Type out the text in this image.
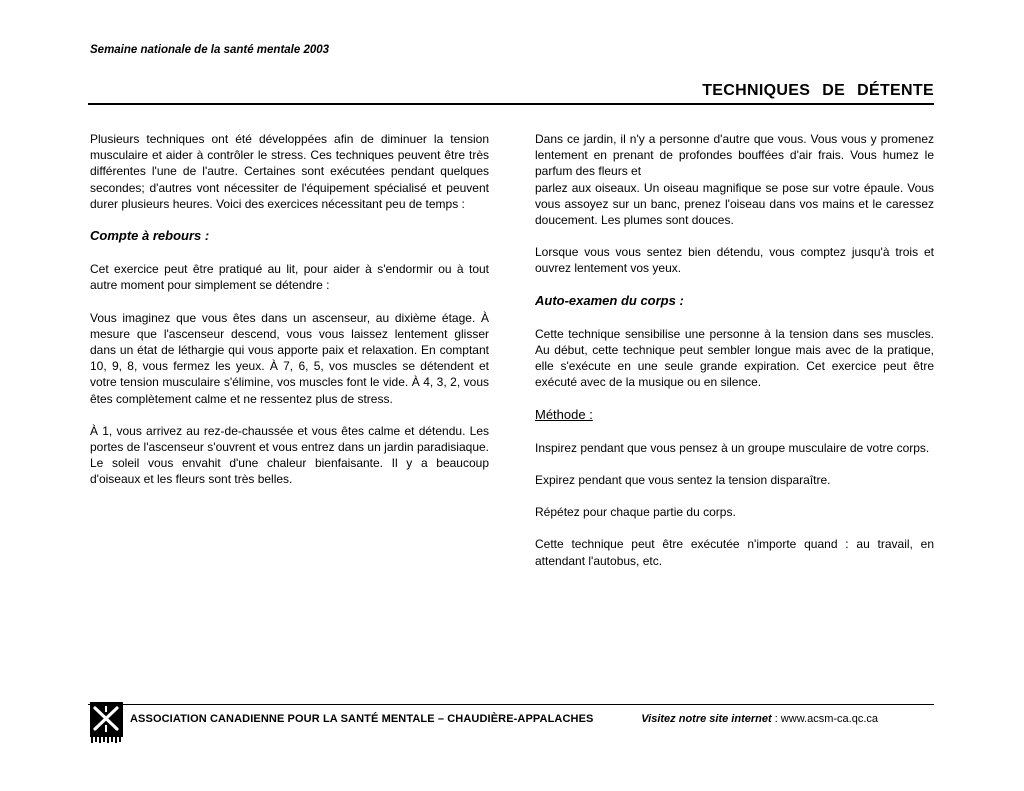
Semaine nationale de la santé mentale 2003
TECHNIQUES DE DÉTENTE

Plusieurs techniques ont été développées afin de diminuer la tension musculaire et aider à contrôler le stress. Ces techniques peuvent être très différentes l'une de l'autre. Certaines sont exécutées pendant quelques secondes; d'autres vont nécessiter de l'équipement spécialisé et peuvent durer plusieurs heures. Voici des exercices nécessitant peu de temps :

Compte à rebours :

Cet exercice peut être pratiqué au lit, pour aider à s'endormir ou à tout autre moment pour simplement se détendre :

Vous imaginez que vous êtes dans un ascenseur, au dixième étage. À mesure que l'ascenseur descend, vous vous laissez lentement glisser dans un état de léthargie qui vous apporte paix et relaxation. En comptant 10, 9, 8, vous fermez les yeux. À 7, 6, 5, vos muscles se détendent et votre tension musculaire s'élimine, vos muscles font le vide. À 4, 3, 2, vous êtes complètement calme et ne ressentez plus de stress.

À 1, vous arrivez au rez-de-chaussée et vous êtes calme et détendu. Les portes de l'ascenseur s'ouvrent et vous entrez dans un jardin paradisiaque. Le soleil vous envahit d'une chaleur bienfaisante. Il y a beaucoup d'oiseaux et les fleurs sont très belles.

Dans ce jardin, il n'y a personne d'autre que vous. Vous vous y promenez lentement en prenant de profondes bouffées d'air frais. Vous humez le parfum des fleurs et

parlez aux oiseaux. Un oiseau magnifique se pose sur votre épaule. Vous vous assoyez sur un banc, prenez l'oiseau dans vos mains et le caressez doucement. Les plumes sont douces.

Lorsque vous vous sentez bien détendu, vous comptez jusqu'à trois et ouvrez lentement vos yeux.

Auto-examen du corps :

Cette technique sensibilise une personne à la tension dans ses muscles. Au début, cette technique peut sembler longue mais avec de la pratique, elle s'exécute en une seule grande expiration. Cet exercice peut être exécuté avec de la musique ou en silence.

Méthode :

Inspirez pendant que vous pensez à un groupe musculaire de votre corps.

Expirez pendant que vous sentez la tension disparaître.

Répétez pour chaque partie du corps.

Cette technique peut être exécutée n'importe quand : au travail, en attendant l'autobus, etc.

ASSOCIATION CANADIENNE POUR LA SANTÉ MENTALE – CHAUDIÈRE-APPALACHES	Visitez notre site internet : www.acsm-ca.qc.ca
